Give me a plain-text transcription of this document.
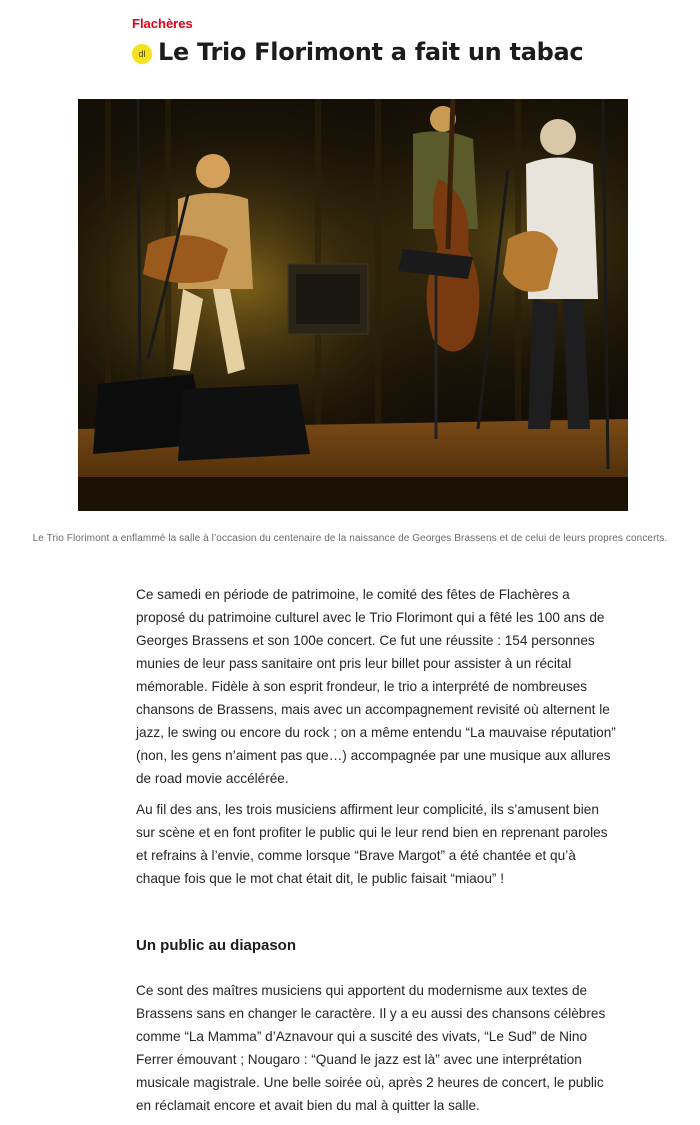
Flachères
dl Le Trio Florimont a fait un tabac
Le Trio Florimont a enflammé la salle à l’occasion du centenaire de la naissance de Georges Brassens et de celui de leurs propres concerts.

Ce samedi en période de patrimoine, le comité des fêtes de Flachères a proposé du patrimoine culturel avec le Trio Florimont qui a fêté les 100 ans de Georges Brassens et son 100e concert. Ce fut une réussite : 154 personnes munies de leur pass sanitaire ont pris leur billet pour assister à un récital mémorable. Fidèle à son esprit frondeur, le trio a interprété de nombreuses chansons de Brassens, mais avec un accompagnement revisité où alternent le jazz, le swing ou encore du rock ; on a même entendu “La mauvaise réputation” (non, les gens n’aiment pas que…) accompagnée par une musique aux allures de road movie accélérée.

Au fil des ans, les trois musiciens affirment leur complicité, ils s’amusent bien sur scène et en font profiter le public qui le leur rend bien en reprenant paroles et refrains à l’envie, comme lorsque “Brave Margot” a été chantée et qu’à chaque fois que le mot chat était dit, le public faisait “miaou” !

Un public au diapason

Ce sont des maîtres musiciens qui apportent du modernisme aux textes de Brassens sans en changer le caractère. Il y a eu aussi des chansons célèbres comme “La Mamma” d’Aznavour qui a suscité des vivats, “Le Sud” de Nino Ferrer émouvant ; Nougaro : “Quand le jazz est là” avec une interprétation musicale magistrale. Une belle soirée où, après 2 heures de concert, le public en réclamait encore et avait bien du mal à quitter la salle.
